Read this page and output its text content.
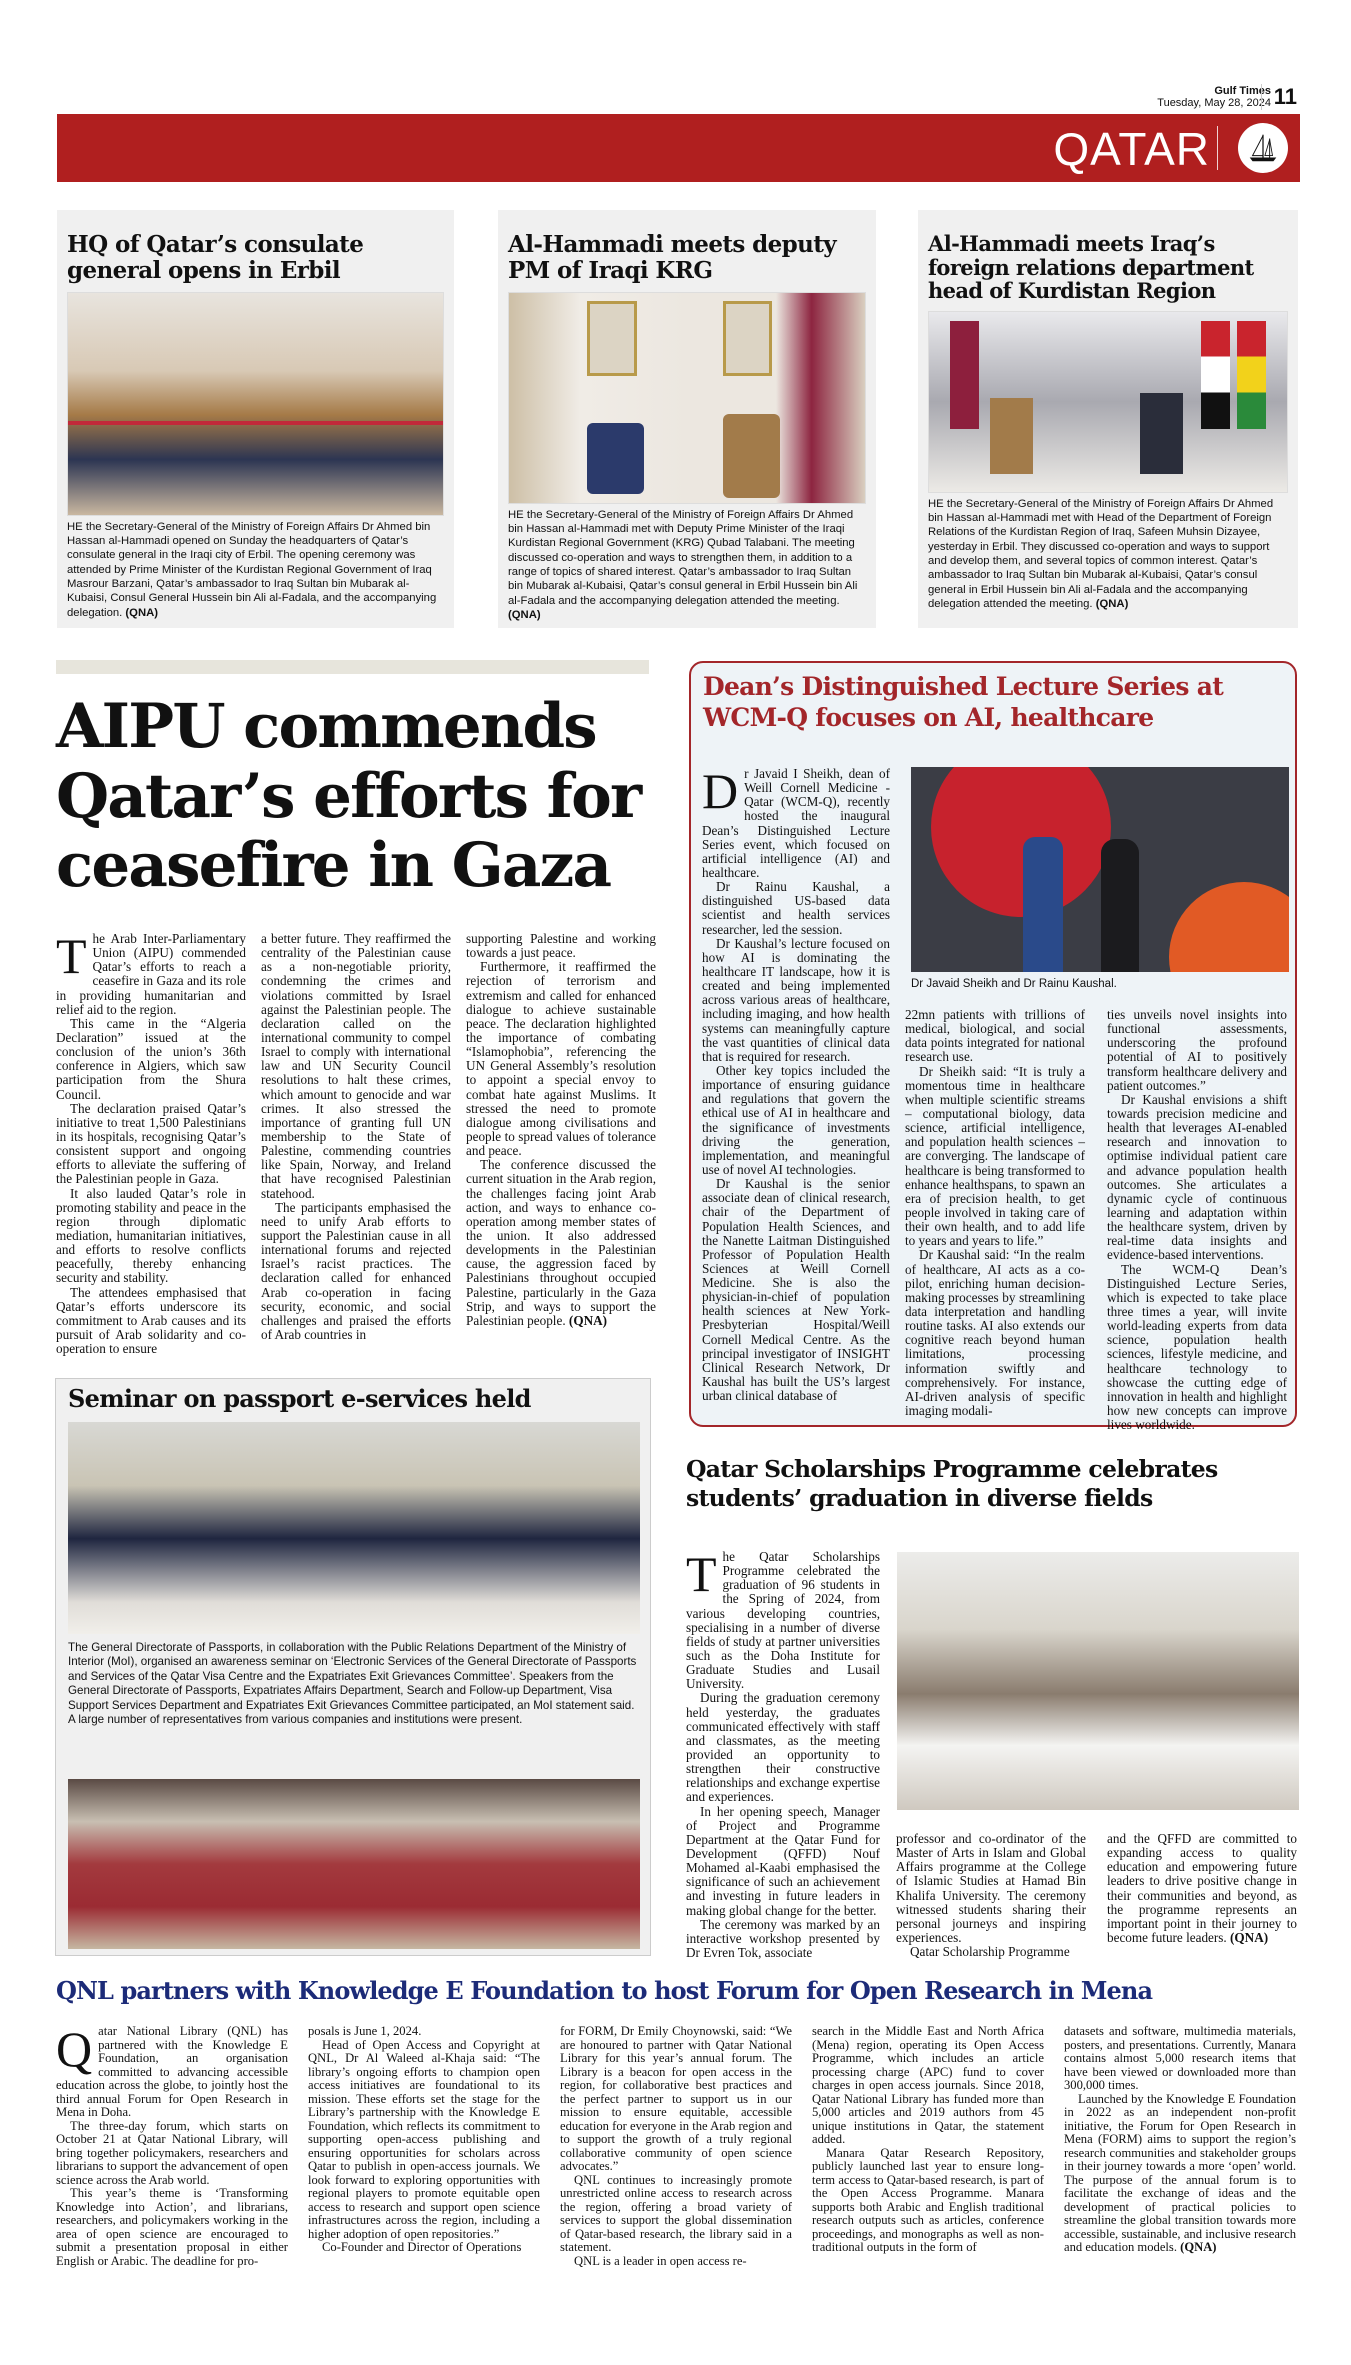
Gulf Times
Tuesday, May 28, 2024 11
QATAR
HQ of Qatar’s consulate general opens in Erbil
HE the Secretary-General of the Ministry of Foreign Affairs Dr Ahmed bin Hassan al-Hammadi opened on Sunday the headquarters of Qatar’s consulate general in the Iraqi city of Erbil. The opening ceremony was attended by Prime Minister of the Kurdistan Regional Government of Iraq Masrour Barzani, Qatar’s ambassador to Iraq Sultan bin Mubarak al-Kubaisi, Consul General Hussein bin Ali al-Fadala, and the accompanying delegation. (QNA)
Al-Hammadi meets deputy PM of Iraqi KRG
HE the Secretary-General of the Ministry of Foreign Affairs Dr Ahmed bin Hassan al-Hammadi met with Deputy Prime Minister of the Iraqi Kurdistan Regional Government (KRG) Qubad Talabani. The meeting discussed co-operation and ways to strengthen them, in addition to a range of topics of shared interest. Qatar’s ambassador to Iraq Sultan bin Mubarak al-Kubaisi, Qatar’s consul general in Erbil Hussein bin Ali al-Fadala and the accompanying delegation attended the meeting. (QNA)
Al-Hammadi meets Iraq’s foreign relations department head of Kurdistan Region
HE the Secretary-General of the Ministry of Foreign Affairs Dr Ahmed bin Hassan al-Hammadi met with Head of the Department of Foreign Relations of the Kurdistan Region of Iraq, Safeen Muhsin Dizayee, yesterday in Erbil. They discussed co-operation and ways to support and develop them, and several topics of common interest. Qatar’s ambassador to Iraq Sultan bin Mubarak al-Kubaisi, Qatar’s consul general in Erbil Hussein bin Ali al-Fadala and the accompanying delegation attended the meeting. (QNA)
AIPU commends Qatar’s efforts for ceasefire in Gaza
T he Arab Inter-Parliamentary Union (AIPU) commended Qatar’s efforts to reach a ceasefire in Gaza and its role in providing humanitarian and relief aid to the region.

This came in the “Algeria Declaration” issued at the conclusion of the union’s 36th conference in Algiers, which saw participation from the Shura Council.

The declaration praised Qatar’s initiative to treat 1,500 Palestinians in its hospitals, recognising Qatar’s consistent support and ongoing efforts to alleviate the suffering of the Palestinian people in Gaza.

It also lauded Qatar’s role in promoting stability and peace in the region through diplomatic mediation, humanitarian initiatives, and efforts to resolve conflicts peacefully, thereby enhancing security and stability.

The attendees emphasised that Qatar’s efforts underscore its commitment to Arab causes and its pursuit of Arab solidarity and co-operation to ensure

a better future. They reaffirmed the centrality of the Palestinian cause as a non-negotiable priority, condemning the crimes and violations committed by Israel against the Palestinian people. The declaration called on the international community to compel Israel to comply with international law and UN Security Council resolutions to halt these crimes, which amount to genocide and war crimes. It also stressed the importance of granting full UN membership to the State of Palestine, commending countries like Spain, Norway, and Ireland that have recognised Palestinian statehood.

The participants emphasised the need to unify Arab efforts to support the Palestinian cause in all international forums and rejected Israel’s racist practices. The declaration called for enhanced Arab co-operation in facing security, economic, and social challenges and praised the efforts of Arab countries in

supporting Palestine and working towards a just peace.

Furthermore, it reaffirmed the rejection of terrorism and extremism and called for enhanced dialogue to achieve sustainable peace. The declaration highlighted the importance of combating “Islamophobia”, referencing the UN General Assembly’s resolution to appoint a special envoy to combat hate against Muslims. It stressed the need to promote dialogue among civilisations and people to spread values of tolerance and peace.

The conference discussed the current situation in the Arab region, the challenges facing joint Arab action, and ways to enhance co-operation among member states of the union. It also addressed developments in the Palestinian cause, the aggression faced by Palestinians throughout occupied Palestine, particularly in the Gaza Strip, and ways to support the Palestinian people. (QNA)

Dean’s Distinguished Lecture Series at WCM-Q focuses on AI, healthcare
Dr Javaid Sheikh and Dr Rainu Kaushal.
D r Javaid I Sheikh, dean of Weill Cornell Medicine - Qatar (WCM-Q), recently hosted the inaugural Dean’s Distinguished Lecture Series event, which focused on artificial intelligence (AI) and healthcare.

Dr Rainu Kaushal, a distinguished US-based data scientist and health services researcher, led the session.

Dr Kaushal’s lecture focused on how AI is dominating the healthcare IT landscape, how it is created and being implemented across various areas of healthcare, including imaging, and how health systems can meaningfully capture the vast quantities of clinical data that is required for research.

Other key topics included the importance of ensuring guidance and regulations that govern the ethical use of AI in healthcare and the significance of investments driving the generation, implementation, and meaningful use of novel AI technologies.

Dr Kaushal is the senior associate dean of clinical research, chair of the Department of Population Health Sciences, and the Nanette Laitman Distinguished Professor of Population Health Sciences at Weill Cornell Medicine. She is also the physician-in-chief of population health sciences at New York-Presbyterian Hospital/Weill Cornell Medical Centre. As the principal investigator of INSIGHT Clinical Research Network, Dr Kaushal has built the US’s largest urban clinical database of

22mn patients with trillions of medical, biological, and social data points integrated for national research use.

Dr Sheikh said: “It is truly a momentous time in healthcare when multiple scientific streams – computational biology, data science, artificial intelligence, and population health sciences – are converging. The landscape of healthcare is being transformed to enhance healthspans, to spawn an era of precision health, to get people involved in taking care of their own health, and to add life to years and years to life.”

Dr Kaushal said: “In the realm of healthcare, AI acts as a co-pilot, enriching human decision-making processes by streamlining data interpretation and handling routine tasks. AI also extends our cognitive reach beyond human limitations, processing information swiftly and comprehensively. For instance, AI-driven analysis of specific imaging modali-

ties unveils novel insights into functional assessments, underscoring the profound potential of AI to positively transform healthcare delivery and patient outcomes.”

Dr Kaushal envisions a shift towards precision medicine and health that leverages AI-enabled research and innovation to optimise individual patient care and advance population health outcomes. She articulates a dynamic cycle of continuous learning and adaptation within the healthcare system, driven by real-time data insights and evidence-based interventions.

The WCM-Q Dean’s Distinguished Lecture Series, which is expected to take place three times a year, will invite world-leading experts from data science, population health sciences, lifestyle medicine, and healthcare technology to showcase the cutting edge of innovation in health and highlight how new concepts can improve lives worldwide.

Seminar on passport e-services held
The General Directorate of Passports, in collaboration with the Public Relations Department of the Ministry of Interior (MoI), organised an awareness seminar on ‘Electronic Services of the General Directorate of Passports and Services of the Qatar Visa Centre and the Expatriates Exit Grievances Committee’. Speakers from the General Directorate of Passports, Expatriates Affairs Department, Search and Follow-up Department, Visa Support Services Department and Expatriates Exit Grievances Committee participated, an MoI statement said. A large number of representatives from various companies and institutions were present.
Qatar Scholarships Programme celebrates students’ graduation in diverse fields
T he Qatar Scholarships Programme celebrated the graduation of 96 students in the Spring of 2024, from various developing countries, specialising in a number of diverse fields of study at partner universities such as the Doha Institute for Graduate Studies and Lusail University.

During the graduation ceremony held yesterday, the graduates communicated effectively with staff and classmates, as the meeting provided an opportunity to strengthen their constructive relationships and exchange expertise and experiences.

In her opening speech, Manager of Project and Programme Department at the Qatar Fund for Development (QFFD) Nouf Mohamed al-Kaabi emphasised the significance of such an achievement and investing in future leaders in making global change for the better.

The ceremony was marked by an interactive workshop presented by Dr Evren Tok, associate

professor and co-ordinator of the Master of Arts in Islam and Global Affairs programme at the College of Islamic Studies at Hamad Bin Khalifa University. The ceremony witnessed students sharing their personal journeys and inspiring experiences.

Qatar Scholarship Programme

and the QFFD are committed to expanding access to quality education and empowering future leaders to drive positive change in their communities and beyond, as the programme represents an important point in their journey to become future leaders. (QNA)

QNL partners with Knowledge E Foundation to host Forum for Open Research in Mena
Q atar National Library (QNL) has partnered with the Knowledge E Foundation, an organisation committed to advancing accessible education across the globe, to jointly host the third annual Forum for Open Research in Mena in Doha.

The three-day forum, which starts on October 21 at Qatar National Library, will bring together policymakers, researchers and librarians to support the advancement of open science across the Arab world.

This year’s theme is ‘Transforming Knowledge into Action’, and librarians, researchers, and policymakers working in the area of open science are encouraged to submit a presentation proposal in either English or Arabic. The deadline for pro-

posals is June 1, 2024.

Head of Open Access and Copyright at QNL, Dr Al Waleed al-Khaja said: “The library’s ongoing efforts to champion open access initiatives are foundational to its mission. These efforts set the stage for the Library’s partnership with the Knowledge E Foundation, which reflects its commitment to supporting open-access publishing and ensuring opportunities for scholars across Qatar to publish in open-access journals. We look forward to exploring opportunities with regional players to promote equitable open access to research and support open science infrastructures across the region, including a higher adoption of open repositories.”

Co-Founder and Director of Operations

for FORM, Dr Emily Choynowski, said: “We are honoured to partner with Qatar National Library for this year’s annual forum. The Library is a beacon for open access in the region, for collaborative best practices and the perfect partner to support us in our mission to ensure equitable, accessible education for everyone in the Arab region and to support the growth of a truly regional collaborative community of open science advocates.”

QNL continues to increasingly promote unrestricted online access to research across the region, offering a broad variety of services to support the global dissemination of Qatar-based research, the library said in a statement.

QNL is a leader in open access re-

search in the Middle East and North Africa (Mena) region, operating its Open Access Programme, which includes an article processing charge (APC) fund to cover charges in open access journals. Since 2018, Qatar National Library has funded more than 5,000 articles and 2019 authors from 45 unique institutions in Qatar, the statement added.

Manara Qatar Research Repository, publicly launched last year to ensure long-term access to Qatar-based research, is part of the Open Access Programme. Manara supports both Arabic and English traditional research outputs such as articles, conference proceedings, and monographs as well as non-traditional outputs in the form of

datasets and software, multimedia materials, posters, and presentations. Currently, Manara contains almost 5,000 research items that have been viewed or downloaded more than 300,000 times.

Launched by the Knowledge E Foundation in 2022 as an independent non-profit initiative, the Forum for Open Research in Mena (FORM) aims to support the region’s research communities and stakeholder groups in their journey towards a more ‘open’ world. The purpose of the annual forum is to facilitate the exchange of ideas and the development of practical policies to streamline the global transition towards more accessible, sustainable, and inclusive research and education models. (QNA)
